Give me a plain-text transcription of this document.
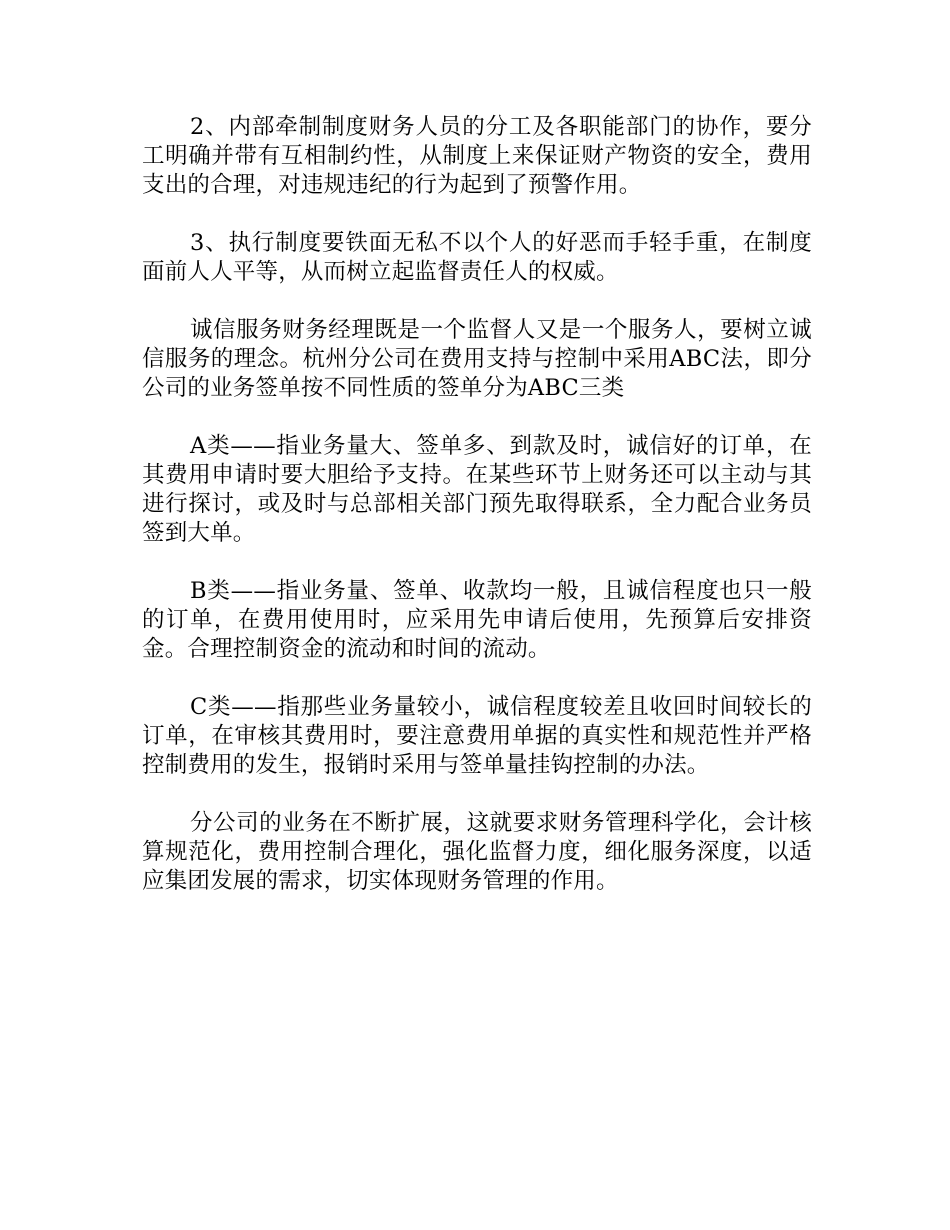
2、内部牵制制度财务人员的分工及各职能部门的协作，要分工明确并带有互相制约性，从制度上来保证财产物资的安全，费用支出的合理，对违规违纪的行为起到了预警作用。

3、执行制度要铁面无私不以个人的好恶而手轻手重，在制度面前人人平等，从而树立起监督责任人的权威。

诚信服务财务经理既是一个监督人又是一个服务人，要树立诚信服务的理念。杭州分公司在费用支持与控制中采用ABC法，即分公司的业务签单按不同性质的签单分为ABC三类

A类——指业务量大、签单多、到款及时，诚信好的订单，在其费用申请时要大胆给予支持。在某些环节上财务还可以主动与其进行探讨，或及时与总部相关部门预先取得联系，全力配合业务员签到大单。

B类——指业务量、签单、收款均一般，且诚信程度也只一般的订单，在费用使用时，应采用先申请后使用，先预算后安排资金。合理控制资金的流动和时间的流动。

C类——指那些业务量较小，诚信程度较差且收回时间较长的订单，在审核其费用时，要注意费用单据的真实性和规范性并严格控制费用的发生，报销时采用与签单量挂钩控制的办法。

分公司的业务在不断扩展，这就要求财务管理科学化，会计核算规范化，费用控制合理化，强化监督力度，细化服务深度，以适应集团发展的需求，切实体现财务管理的作用。
